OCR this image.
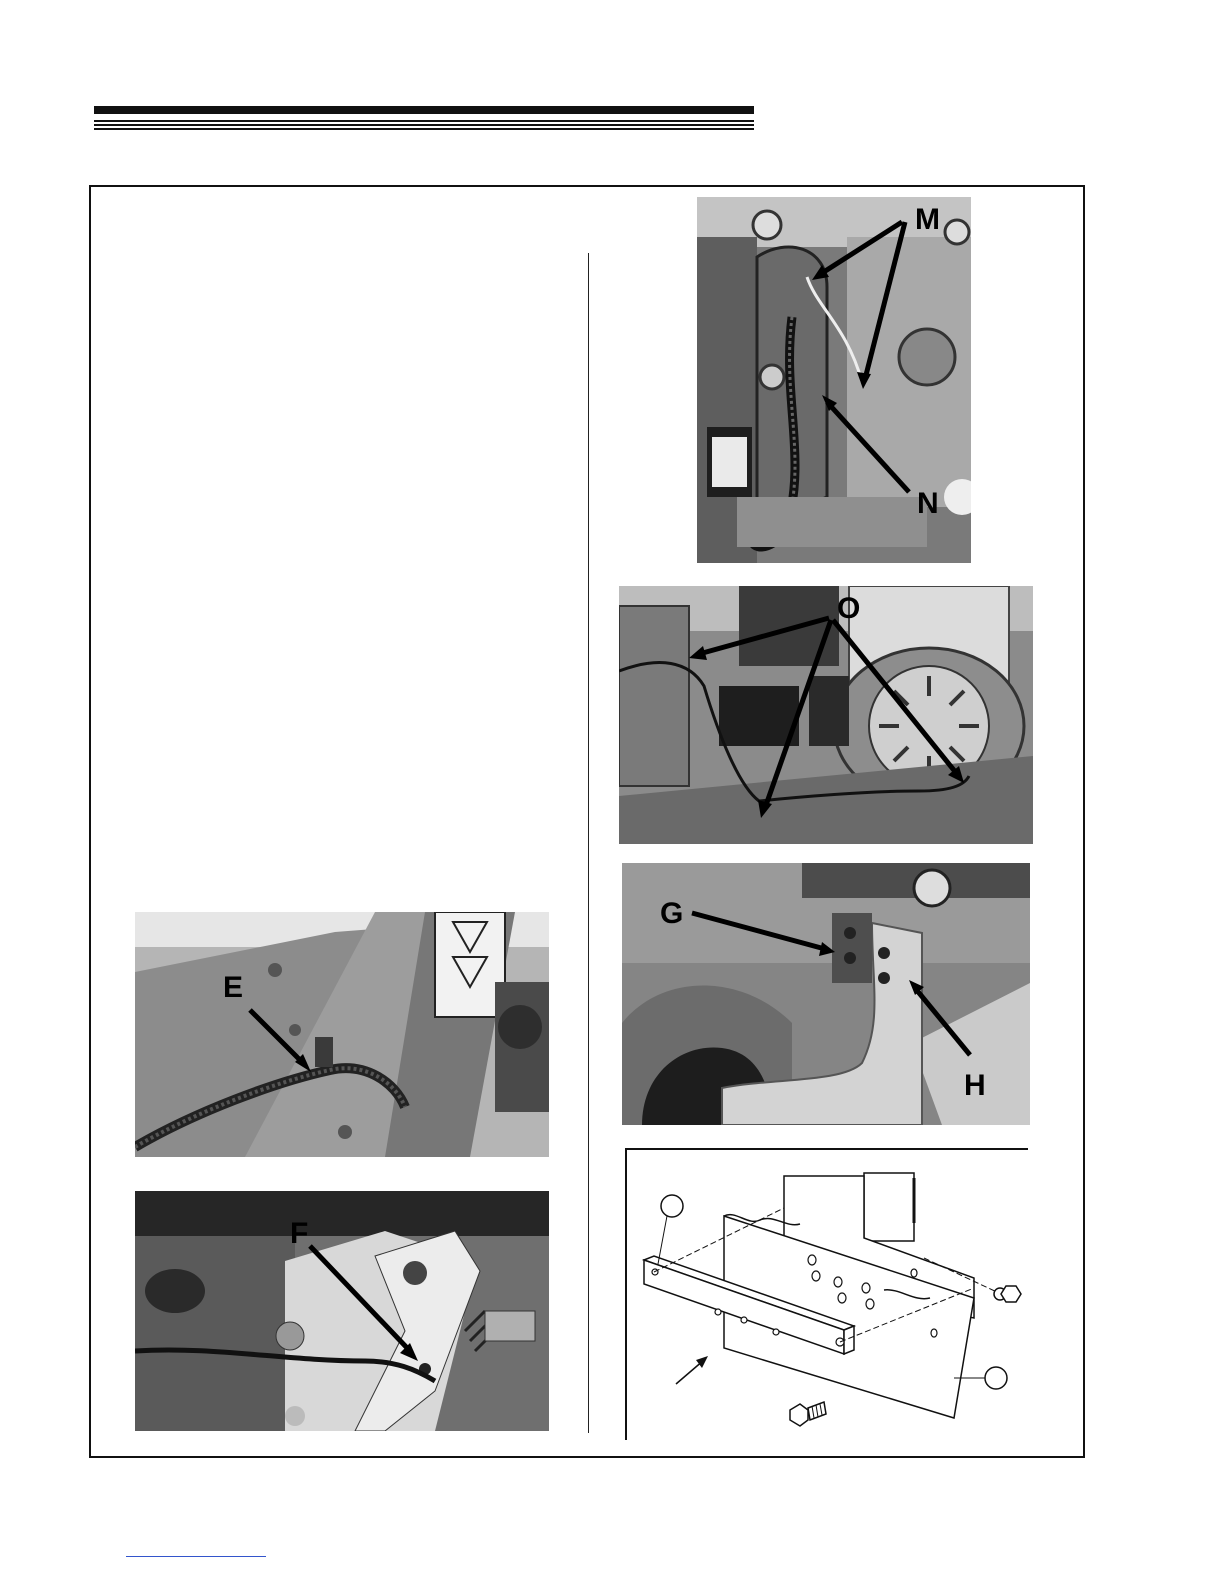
E
F
M
N
O
G
H
